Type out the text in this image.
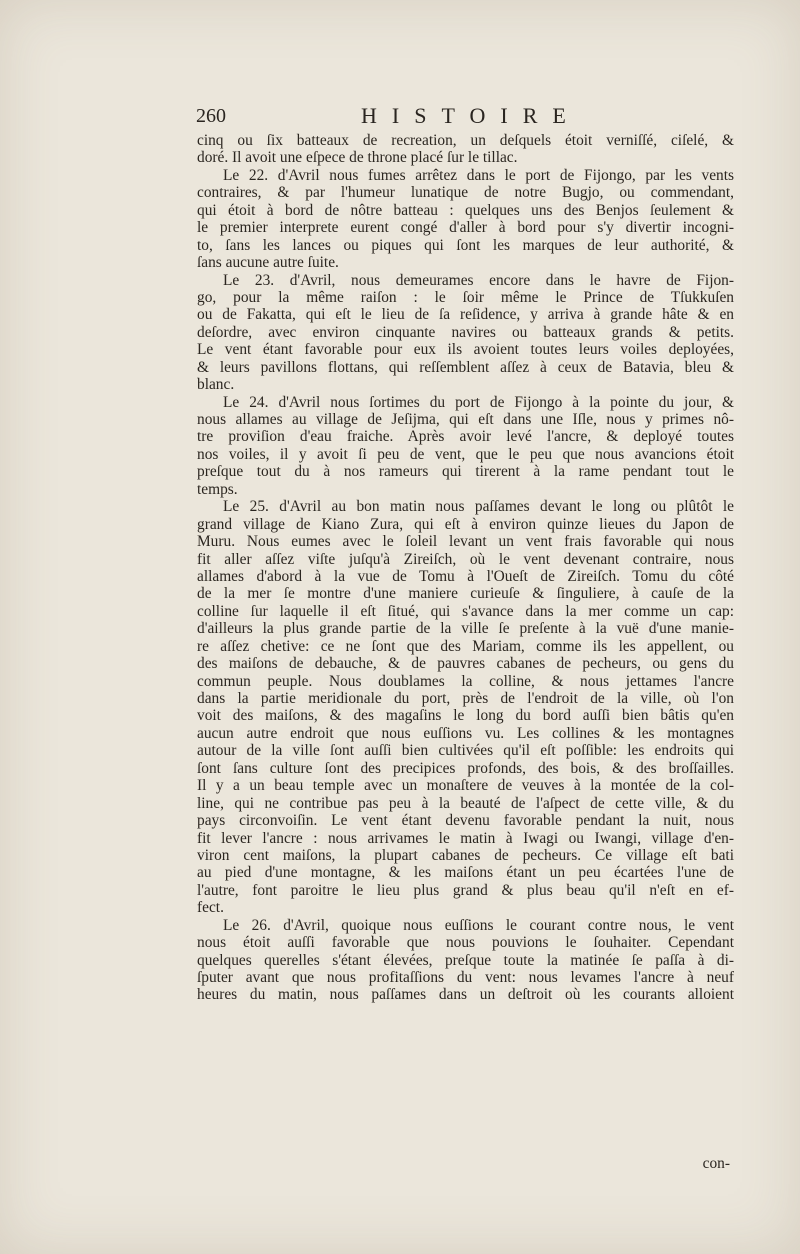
260	HISTOIRE
cinq ou ſix batteaux de recreation, un deſquels étoit verniſſé, ciſelé, &
doré. Il avoit une eſpece de throne placé ſur le tillac.
Le 22. d'Avril nous fumes arrêtez dans le port de Fijongo, par les vents
contraires, & par l'humeur lunatique de notre Bugjo, ou commendant,
qui étoit à bord de nôtre batteau : quelques uns des Benjos ſeulement &
le premier interprete eurent congé d'aller à bord pour s'y divertir incogni-
to, ſans les lances ou piques qui ſont les marques de leur authorité, &
ſans aucune autre ſuite.
Le 23. d'Avril, nous demeurames encore dans le havre de Fijon-
go, pour la même raiſon : le ſoir même le Prince de Tſukkuſen
ou de Fakatta, qui eſt le lieu de ſa reſidence, y arriva à grande hâte & en
deſordre, avec environ cinquante navires ou batteaux grands & petits.
Le vent étant favorable pour eux ils avoient toutes leurs voiles deployées,
& leurs pavillons flottans, qui reſſemblent aſſez à ceux de Batavia, bleu &
blanc.
Le 24. d'Avril nous ſortimes du port de Fijongo à la pointe du jour, &
nous allames au village de Jeſijma, qui eſt dans une Iſle, nous y primes nô-
tre proviſion d'eau fraiche. Après avoir levé l'ancre, & deployé toutes
nos voiles, il y avoit ſi peu de vent, que le peu que nous avancions étoit
preſque tout du à nos rameurs qui tirerent à la rame pendant tout le
temps.
Le 25. d'Avril au bon matin nous paſſames devant le long ou plûtôt le
grand village de Kiano Zura, qui eſt à environ quinze lieues du Japon de
Muru. Nous eumes avec le ſoleil levant un vent frais favorable qui nous
fit aller aſſez viſte juſqu'à Zireiſch, où le vent devenant contraire, nous
allames d'abord à la vue de Tomu à l'Oueſt de Zireiſch. Tomu du côté
de la mer ſe montre d'une maniere curieuſe & ſinguliere, à cauſe de la
colline ſur laquelle il eſt ſitué, qui s'avance dans la mer comme un cap:
d'ailleurs la plus grande partie de la ville ſe preſente à la vuë d'une manie-
re aſſez chetive: ce ne ſont que des Mariam, comme ils les appellent, ou
des maiſons de debauche, & de pauvres cabanes de pecheurs, ou gens du
commun peuple. Nous doublames la colline, & nous jettames l'ancre
dans la partie meridionale du port, près de l'endroit de la ville, où l'on
voit des maiſons, & des magaſins le long du bord auſſi bien bâtis qu'en
aucun autre endroit que nous euſſions vu. Les collines & les montagnes
autour de la ville ſont auſſi bien cultivées qu'il eſt poſſible: les endroits qui
ſont ſans culture ſont des precipices profonds, des bois, & des broſſailles.
Il y a un beau temple avec un monaſtere de veuves à la montée de la col-
line, qui ne contribue pas peu à la beauté de l'aſpect de cette ville, & du
pays circonvoiſin. Le vent étant devenu favorable pendant la nuit, nous
fit lever l'ancre : nous arrivames le matin à Iwagi ou Iwangi, village d'en-
viron cent maiſons, la plupart cabanes de pecheurs. Ce village eſt bati
au pied d'une montagne, & les maiſons étant un peu écartées l'une de
l'autre, font paroitre le lieu plus grand & plus beau qu'il n'eſt en ef-
fect.
Le 26. d'Avril, quoique nous euſſions le courant contre nous, le vent
nous étoit auſſi favorable que nous pouvions le ſouhaiter. Cependant
quelques querelles s'étant élevées, preſque toute la matinée ſe paſſa à di-
ſputer avant que nous profitaſſions du vent: nous levames l'ancre à neuf
heures du matin, nous paſſames dans un deſtroit où les courants alloient
con-
